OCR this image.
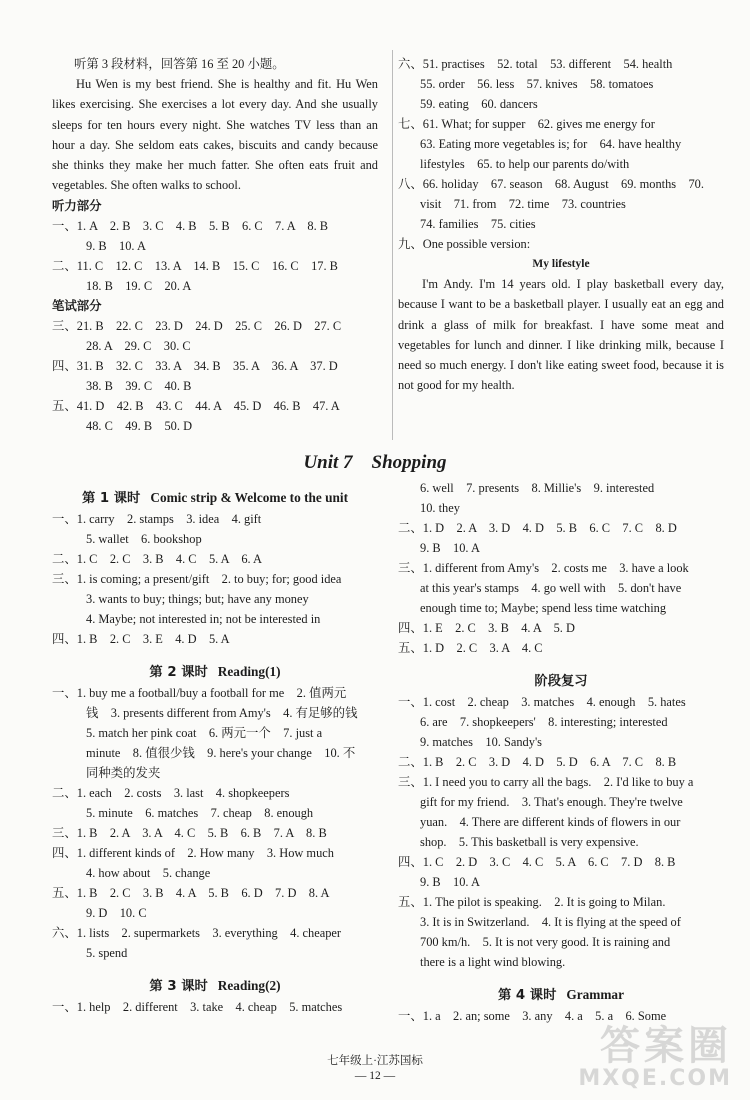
听第 3 段材料，回答第 16 至 20 小题。
Hu Wen is my best friend. She is healthy and fit. Hu Wen likes exercising. She exercises a lot every day. And she usually sleeps for ten hours every night. She watches TV less than an hour a day. She seldom eats cakes, biscuits and candy because she thinks they make her much fatter. She often eats fruit and vegetables. She often walks to school.
听力部分
一、1. A　2. B　3. C　4. B　5. B　6. C　7. A　8. B
9. B　10. A
二、11. C　12. C　13. A　14. B　15. C　16. C　17. B
18. B　19. C　20. A
笔试部分
三、21. B　22. C　23. D　24. D　25. C　26. D　27. C
28. A　29. C　30. C
四、31. B　32. C　33. A　34. B　35. A　36. A　37. D
38. B　39. C　40. B
五、41. D　42. B　43. C　44. A　45. D　46. B　47. A
48. C　49. B　50. D
六、51. practises　52. total　53. different　54. health
55. order　56. less　57. knives　58. tomatoes
59. eating　60. dancers
七、61. What; for supper　62. gives me energy for
63. Eating more vegetables is; for　64. have healthy
lifestyles　65. to help our parents do/with
八、66. holiday　67. season　68. August　69. months　70.
visit　71. from　72. time　73. countries
74. families　75. cities
九、One possible version:
My lifestyle
I'm Andy. I'm 14 years old. I play basketball every day, because I want to be a basketball player. I usually eat an egg and drink a glass of milk for breakfast. I have some meat and vegetables for lunch and dinner. I like drinking milk, because I need so much energy. I don't like eating sweet food, because it is not good for my health.
Unit 7　Shopping
第 1 课时 Comic strip & Welcome to the unit
一、1. carry　2. stamps　3. idea　4. gift
5. wallet　6. bookshop
二、1. C　2. C　3. B　4. C　5. A　6. A
三、1. is coming; a present/gift　2. to buy; for; good idea
3. wants to buy; things; but; have any money
4. Maybe; not interested in; not be interested in
四、1. B　2. C　3. E　4. D　5. A
第 2 课时 Reading(1)
一、1. buy me a football/buy a football for me　2. 值两元
钱　3. presents different from Amy's　4. 有足够的钱
5. match her pink coat　6. 两元一个　7. just a
minute　8. 值很少钱　9. here's your change　10. 不
同种类的发夹
二、1. each　2. costs　3. last　4. shopkeepers
5. minute　6. matches　7. cheap　8. enough
三、1. B　2. A　3. A　4. C　5. B　6. B　7. A　8. B
四、1. different kinds of　2. How many　3. How much
4. how about　5. change
五、1. B　2. C　3. B　4. A　5. B　6. D　7. D　8. A
9. D　10. C
六、1. lists　2. supermarkets　3. everything　4. cheaper
5. spend
第 3 课时 Reading(2)
一、1. help　2. different　3. take　4. cheap　5. matches
6. well　7. presents　8. Millie's　9. interested
10. they
二、1. D　2. A　3. D　4. D　5. B　6. C　7. C　8. D
9. B　10. A
三、1. different from Amy's　2. costs me　3. have a look
at this year's stamps　4. go well with　5. don't have
enough time to; Maybe; spend less time watching
四、1. E　2. C　3. B　4. A　5. D
五、1. D　2. C　3. A　4. C
阶段复习
一、1. cost　2. cheap　3. matches　4. enough　5. hates
6. are　7. shopkeepers'　8. interesting; interested
9. matches　10. Sandy's
二、1. B　2. C　3. D　4. D　5. D　6. A　7. C　8. B
三、1. I need you to carry all the bags.　2. I'd like to buy a
gift for my friend.　3. That's enough. They're twelve
yuan.　4. There are different kinds of flowers in our
shop.　5. This basketball is very expensive.
四、1. C　2. D　3. C　4. C　5. A　6. C　7. D　8. B
9. B　10. A
五、1. The pilot is speaking.　2. It is going to Milan.
3. It is in Switzerland.　4. It is flying at the speed of
700 km/h.　5. It is not very good. It is raining and
there is a light wind blowing.
第 4 课时 Grammar
一、1. a　2. an; some　3. any　4. a　5. a　6. Some
七年级上·江苏国标
— 12 —
答案圈
MXQE.COM
